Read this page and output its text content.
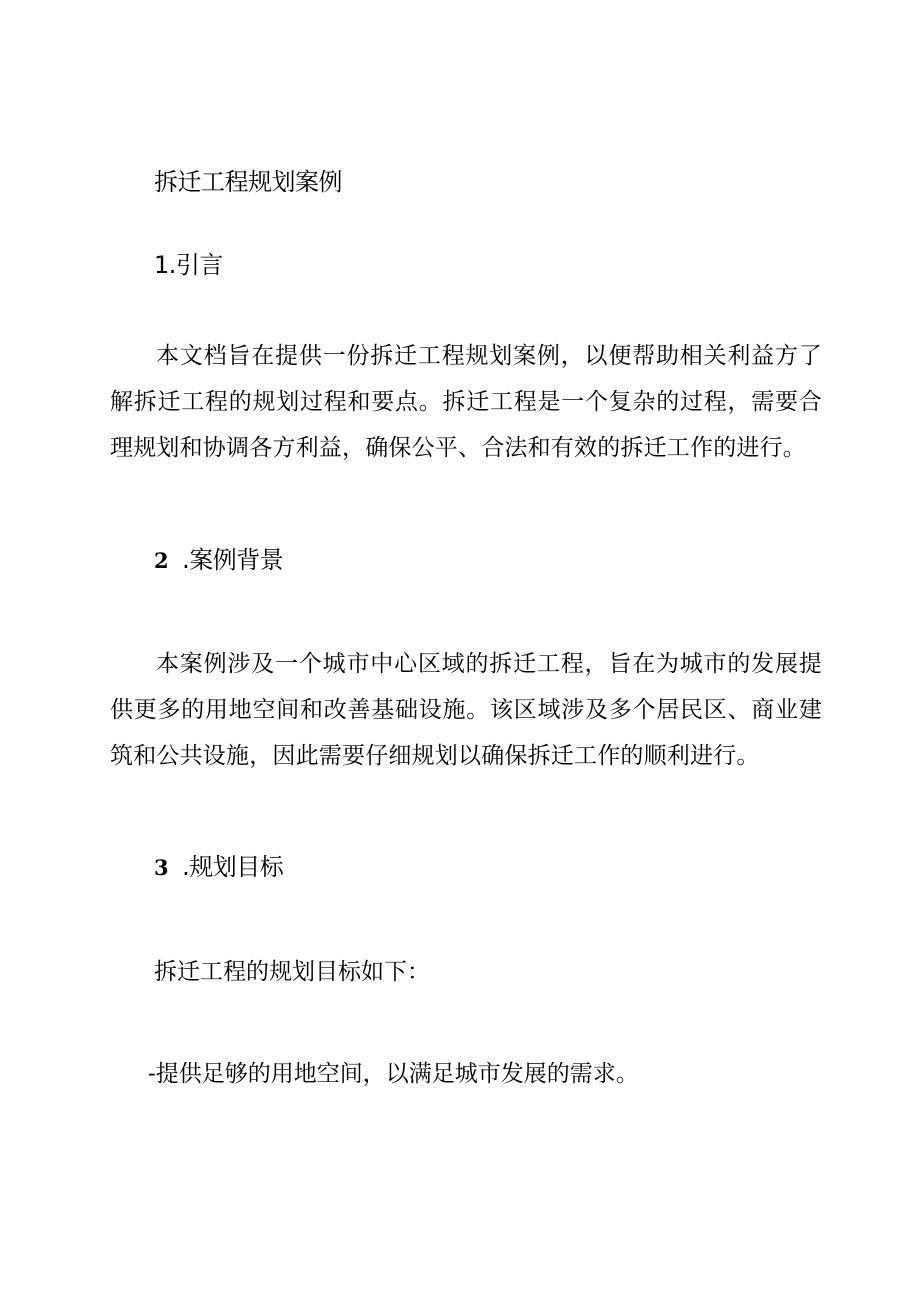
拆迁工程规划案例
1.引言

本文档旨在提供一份拆迁工程规划案例，以便帮助相关利益方了解拆迁工程的规划过程和要点。拆迁工程是一个复杂的过程，需要合理规划和协调各方利益，确保公平、合法和有效的拆迁工作的进行。

2 .案例背景

本案例涉及一个城市中心区域的拆迁工程，旨在为城市的发展提供更多的用地空间和改善基础设施。该区域涉及多个居民区、商业建筑和公共设施，因此需要仔细规划以确保拆迁工作的顺利进行。

3 .规划目标

拆迁工程的规划目标如下：

-提供足够的用地空间，以满足城市发展的需求。
